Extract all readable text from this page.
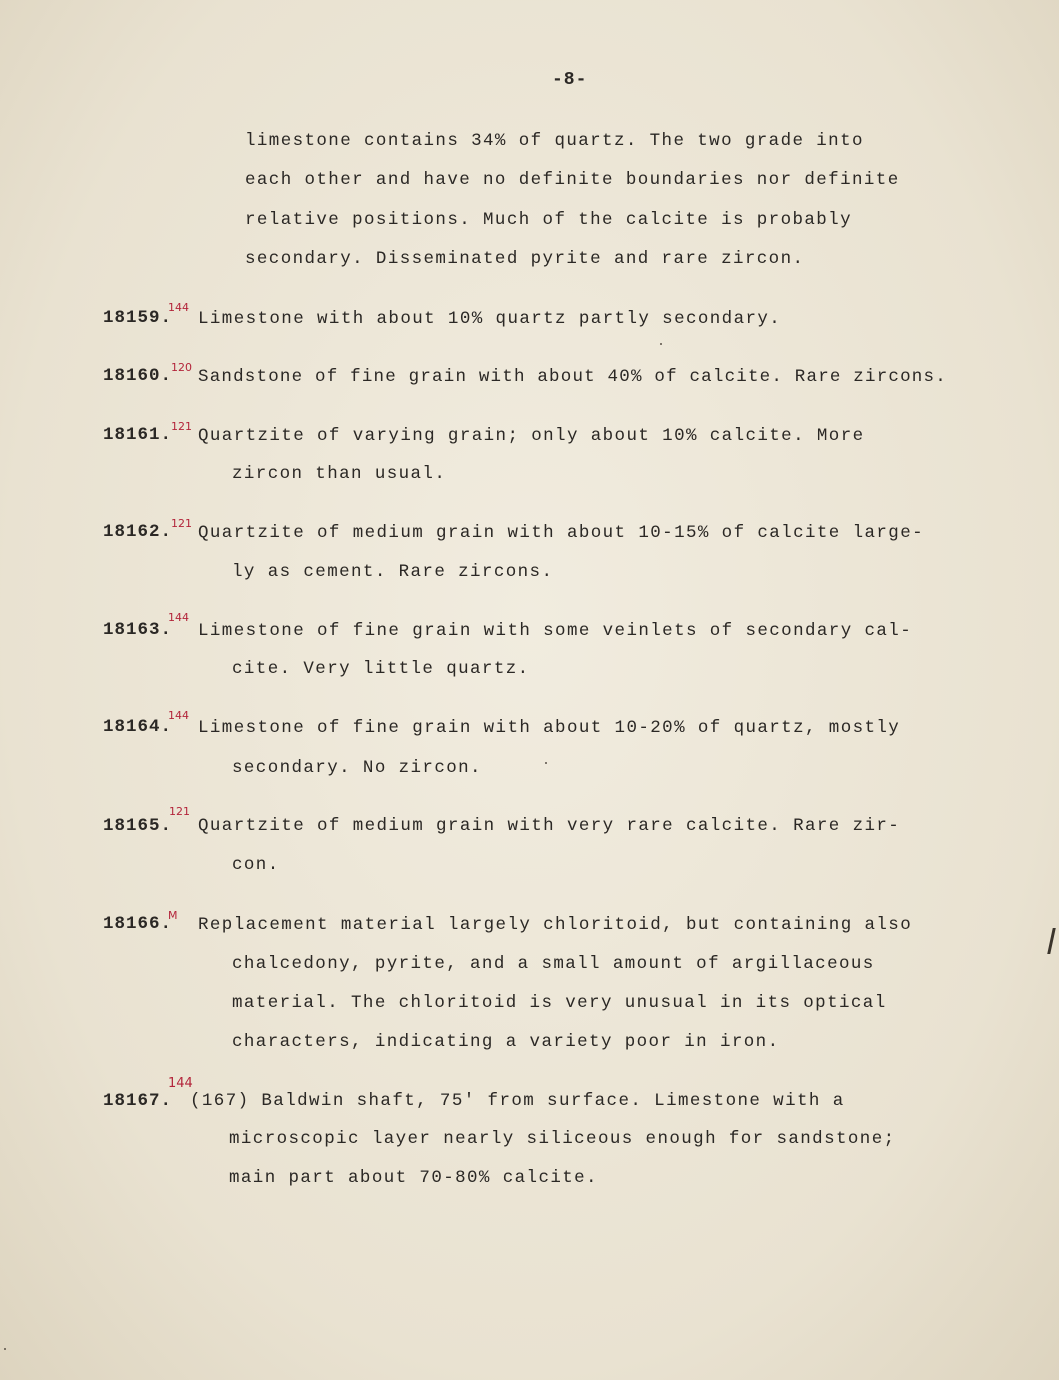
-8-
limestone contains 34% of quartz. The two grade into
each other and have no definite boundaries nor definite
relative positions. Much of the calcite is probably
secondary. Disseminated pyrite and rare zircon.
18159.
144
Limestone with about 10% quartz partly secondary.
18160.
120 Sandstone of fine grain with about 40% of calcite. Rare zircons.
18161.
121 Quartzite of varying grain; only about 10% calcite. More
zircon than usual.
18162.
121 Quartzite of medium grain with about 10-15% of calcite large-
ly as cement. Rare zircons.
18163.
144
Limestone of fine grain with some veinlets of secondary cal-
cite. Very little quartz.
18164.
144
Limestone of fine grain with about 10-20% of quartz, mostly
secondary. No zircon.
18165.
121
Quartzite of medium grain with very rare calcite. Rare zir-
con.
18166.
M Replacement material largely chloritoid, but containing also
chalcedony, pyrite, and a small amount of argillaceous
material. The chloritoid is very unusual in its optical
characters, indicating a variety poor in iron.
18167.
144
(167) Baldwin shaft, 75' from surface. Limestone with a
microscopic layer nearly siliceous enough for sandstone;
main part about 70-80% calcite.
